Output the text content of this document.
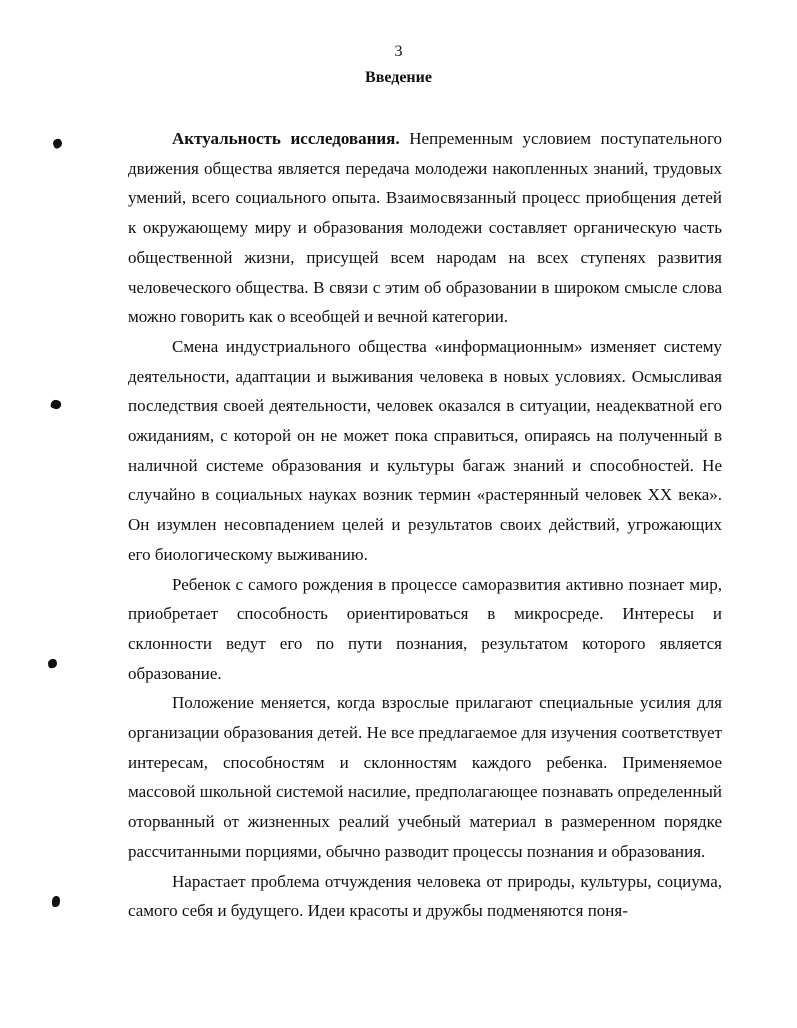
3
Введение

Актуальность исследования. Непременным условием поступательного движения общества является передача молодежи накопленных знаний, трудовых умений, всего социального опыта. Взаимосвязанный процесс приобщения детей к окружающему миру и образования молодежи составляет органическую часть общественной жизни, присущей всем народам на всех ступенях развития человеческого общества. В связи с этим об образовании в широком смысле слова можно говорить как о всеобщей и вечной категории.

Смена индустриального общества «информационным» изменяет систему деятельности, адаптации и выживания человека в новых условиях. Осмысливая последствия своей деятельности, человек оказался в ситуации, неадекватной его ожиданиям, с которой он не может пока справиться, опираясь на полученный в наличной системе образования и культуры багаж знаний и способностей. Не случайно в социальных науках возник термин «растерянный человек XX века». Он изумлен несовпадением целей и результатов своих действий, угрожающих его биологическому выживанию.

Ребенок с самого рождения в процессе саморазвития активно познает мир, приобретает способность ориентироваться в микросреде. Интересы и склонности ведут его по пути познания, результатом которого является образование.

Положение меняется, когда взрослые прилагают специальные усилия для организации образования детей. Не все предлагаемое для изучения соответствует интересам, способностям и склонностям каждого ребенка. Применяемое массовой школьной системой насилие, предполагающее познавать определенный оторванный от жизненных реалий учебный материал в размеренном порядке рассчитанными порциями, обычно разводит процессы познания и образования.

Нарастает проблема отчуждения человека от природы, культуры, социума, самого себя и будущего. Идеи красоты и дружбы подменяются поня-
